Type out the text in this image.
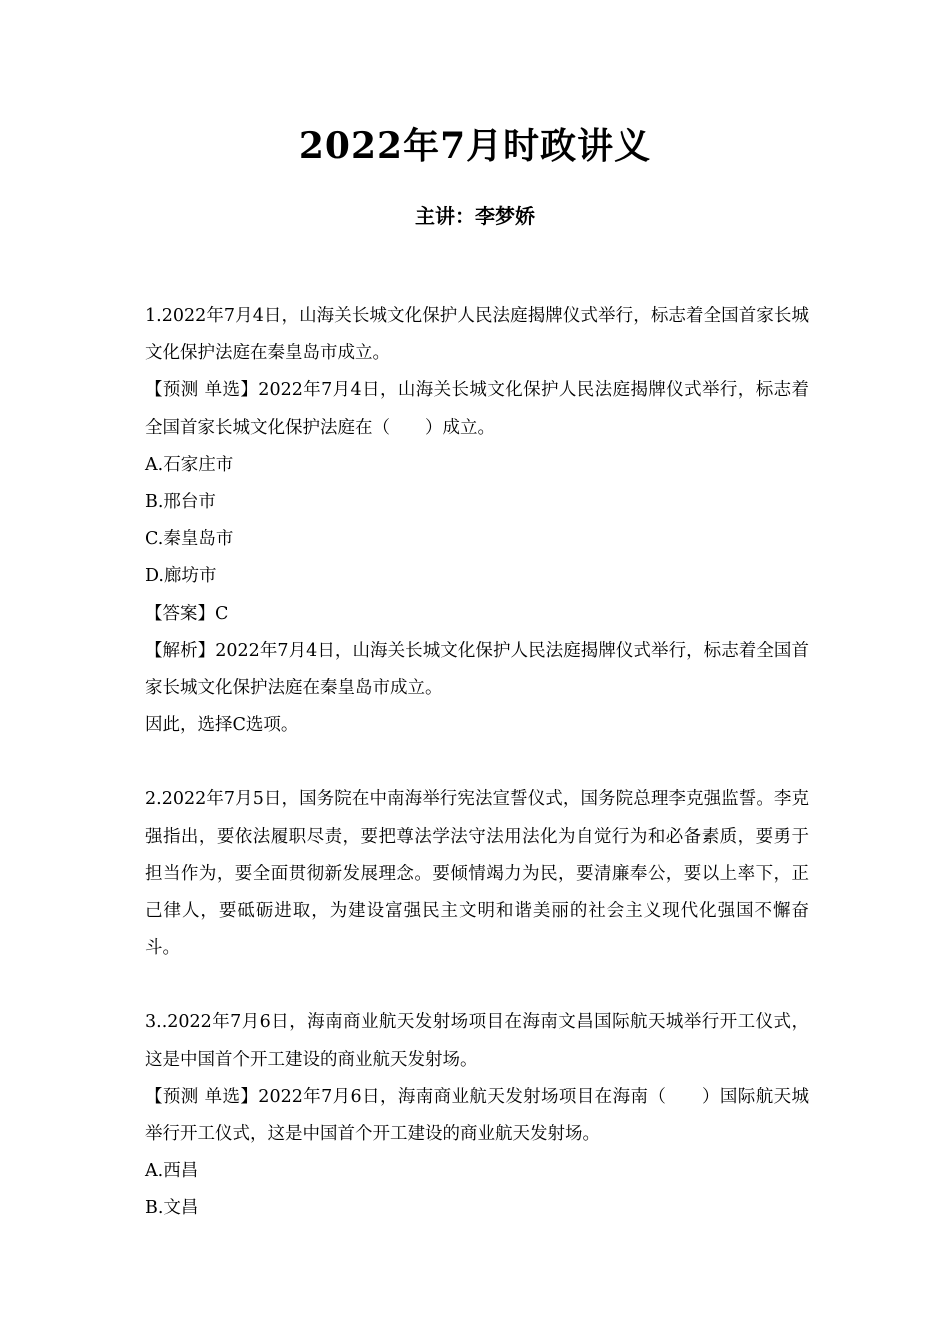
2022年7月时政讲义
主讲：李梦娇

1.2022年7月4日，山海关长城文化保护人民法庭揭牌仪式举行，标志着全国首家长城文化保护法庭在秦皇岛市成立。

【预测 单选】2022年7月4日，山海关长城文化保护人民法庭揭牌仪式举行，标志着全国首家长城文化保护法庭在（　　）成立。

A.石家庄市

B.邢台市

C.秦皇岛市

D.廊坊市

【答案】C

【解析】2022年7月4日，山海关长城文化保护人民法庭揭牌仪式举行，标志着全国首家长城文化保护法庭在秦皇岛市成立。

因此，选择C选项。

2.2022年7月5日，国务院在中南海举行宪法宣誓仪式，国务院总理李克强监誓。李克强指出，要依法履职尽责，要把尊法学法守法用法化为自觉行为和必备素质，要勇于担当作为，要全面贯彻新发展理念。要倾情竭力为民，要清廉奉公，要以上率下，正己律人，要砥砺进取，为建设富强民主文明和谐美丽的社会主义现代化强国不懈奋斗。

3..2022年7月6日，海南商业航天发射场项目在海南文昌国际航天城举行开工仪式，这是中国首个开工建设的商业航天发射场。

【预测 单选】2022年7月6日，海南商业航天发射场项目在海南（　　）国际航天城举行开工仪式，这是中国首个开工建设的商业航天发射场。

A.西昌

B.文昌
